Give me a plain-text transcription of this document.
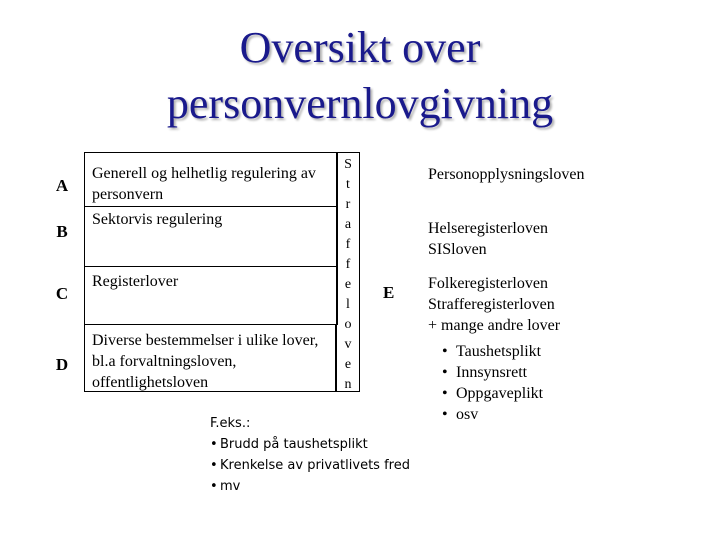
Oversikt over
personvernlovgivning
A
B
C
D
Generell og helhetlig regulering av personvern
Sektorvis regulering
Registerlover
Diverse bestemmelser i ulike lover, bl.a forvaltningsloven, offentlighetsloven
S
t
r
a
f
f
e
l
o
v
e
n
E
Personopplysningsloven
Helseregisterloven
SISloven
Folkeregisterloven
Strafferegisterloven
+ mange andre lover
• Taushetsplikt
• Innsynsrett
• Oppgaveplikt
• osv
F.eks.:
• Brudd på taushetsplikt
• Krenkelse av privatlivets fred
• mv
